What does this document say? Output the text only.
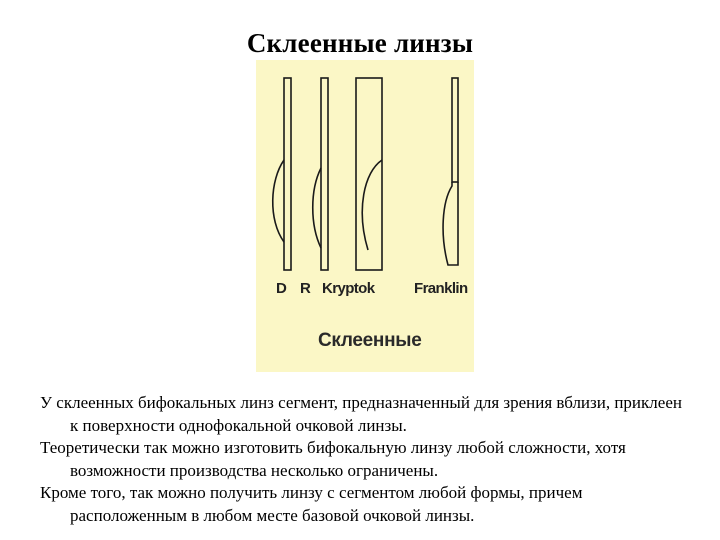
Склеенные линзы
D R Kryptok	Franklin
Склеенные

У склеенных бифокальных линз сегмент, предназначенный для зрения вблизи, приклеен к поверхности однофокальной очковой линзы.

Теоретически так можно изготовить бифокальную линзу любой сложности, хотя возможности производства несколько ограничены.

Кроме того, так можно получить линзу с сегментом любой формы, причем расположенным в любом месте базовой очковой линзы.
